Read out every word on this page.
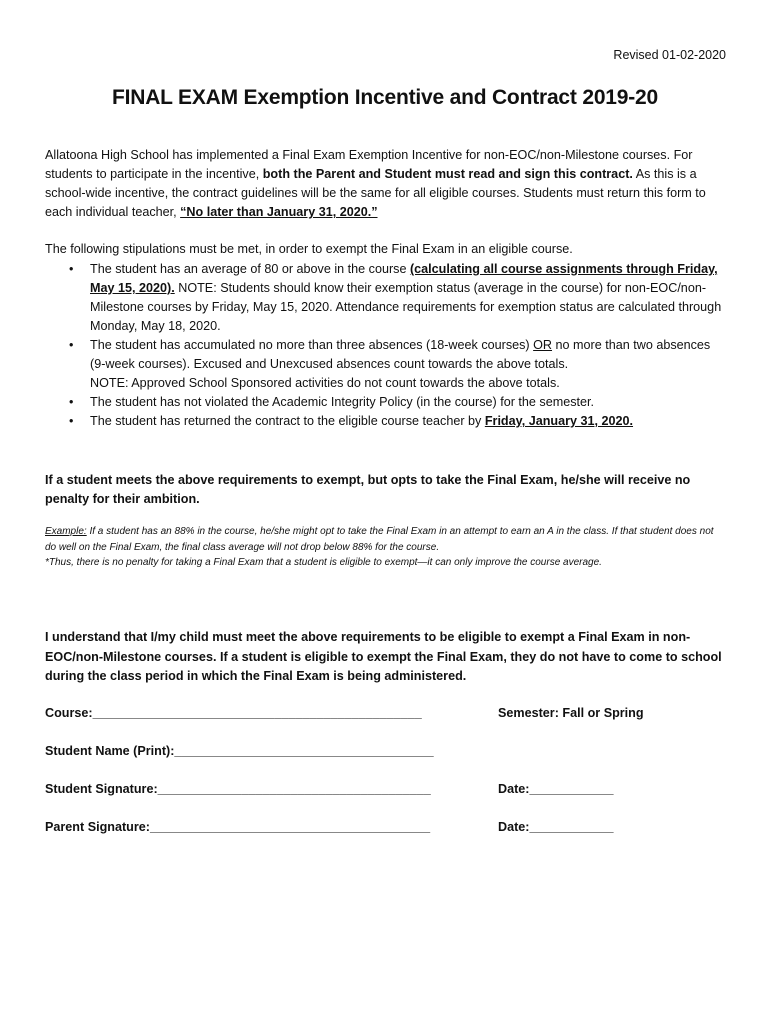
Revised 01-02-2020
FINAL EXAM Exemption Incentive and Contract 2019-20
Allatoona High School has implemented a Final Exam Exemption Incentive for non-EOC/non-Milestone courses. For students to participate in the incentive, both the Parent and Student must read and sign this contract. As this is a school-wide incentive, the contract guidelines will be the same for all eligible courses. Students must return this form to each individual teacher, “No later than January 31, 2020.”
The following stipulations must be met, in order to exempt the Final Exam in an eligible course.
• The student has an average of 80 or above in the course (calculating all course assignments through Friday, May 15, 2020). NOTE: Students should know their exemption status (average in the course) for non-EOC/non-Milestone courses by Friday, May 15, 2020. Attendance requirements for exemption status are calculated through Monday, May 18, 2020.
• The student has accumulated no more than three absences (18-week courses) OR no more than two absences (9-week courses). Excused and Unexcused absences count towards the above totals.
NOTE: Approved School Sponsored activities do not count towards the above totals.
• The student has not violated the Academic Integrity Policy (in the course) for the semester.
• The student has returned the contract to the eligible course teacher by Friday, January 31, 2020.
If a student meets the above requirements to exempt, but opts to take the Final Exam, he/she will receive no penalty for their ambition.
Example: If a student has an 88% in the course, he/she might opt to take the Final Exam in an attempt to earn an A in the class. If that student does not do well on the Final Exam, the final class average will not drop below 88% for the course.
*Thus, there is no penalty for taking a Final Exam that a student is eligible to exempt—it can only improve the course average.
I understand that I/my child must meet the above requirements to be eligible to exempt a Final Exam in non-EOC/non-Milestone courses. If a student is eligible to exempt the Final Exam, they do not have to come to school during the class period in which the Final Exam is being administered.
Course:_______________________________________________	Semester: Fall or Spring
Student Name (Print):_____________________________________
Student Signature:_______________________________________	Date:____________
Parent Signature:________________________________________	Date:____________
